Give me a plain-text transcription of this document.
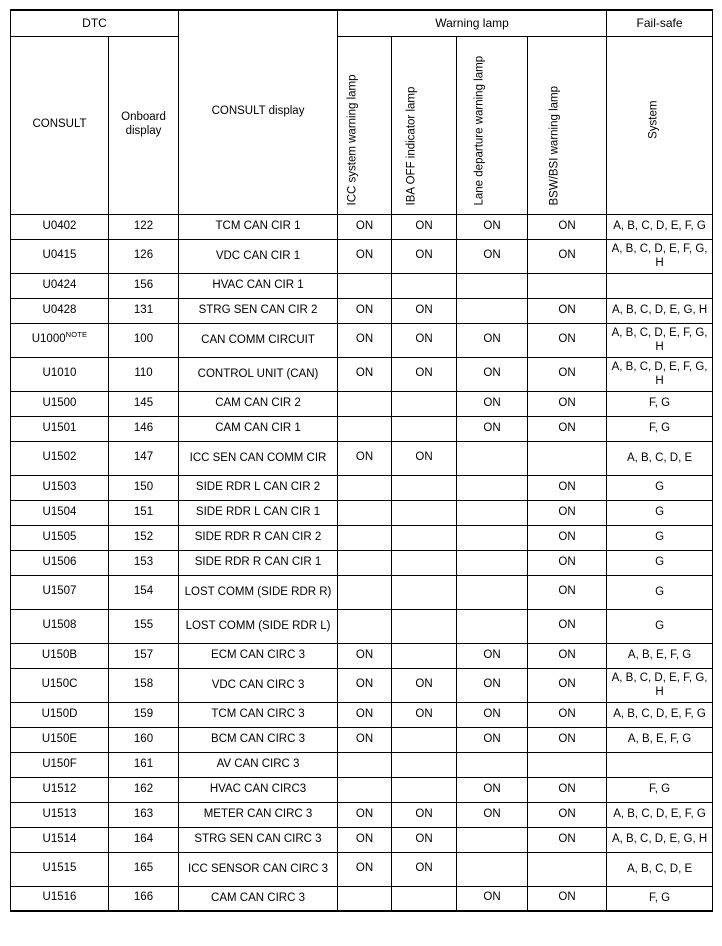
DTC		CONSULT display	Warning lamp				Fail-safe
CONSULT	Onboard
display		ICC system warning lamp	IBA OFF indicator lamp	Lane departure warning lamp	BSW/BSI warning lamp	System

U0402	122	TCM CAN CIR 1	ON	ON	ON	ON	A, B, C, D, E, F, G
U0415	126	VDC CAN CIR 1	ON	ON	ON	ON	A, B, C, D, E, F, G, H
U0424	156	HVAC CAN CIR 1					
U0428	131	STRG SEN CAN CIR 2	ON	ON		ON	A, B, C, D, E, G, H
U1000$^{NOTE}$	100	CAN COMM CIRCUIT	ON	ON	ON	ON	A, B, C, D, E, F, G, H
U1010	110	CONTROL UNIT (CAN)	ON	ON	ON	ON	A, B, C, D, E, F, G, H
U1500	145	CAM CAN CIR 2			ON	ON	F, G
U1501	146	CAM CAN CIR 1			ON	ON	F, G
U1502	147	ICC SEN CAN COMM CIR	ON	ON			A, B, C, D, E
U1503	150	SIDE RDR L CAN CIR 2				ON	G
U1504	151	SIDE RDR L CAN CIR 1				ON	G
U1505	152	SIDE RDR R CAN CIR 2				ON	G
U1506	153	SIDE RDR R CAN CIR 1				ON	G
U1507	154	LOST COMM (SIDE RDR R)				ON	G
U1508	155	LOST COMM (SIDE RDR L)				ON	G
U150B	157	ECM CAN CIRC 3	ON		ON	ON	A, B, E, F, G
U150C	158	VDC CAN CIRC 3	ON	ON	ON	ON	A, B, C, D, E, F, G, H
U150D	159	TCM CAN CIRC 3	ON	ON	ON	ON	A, B, C, D, E, F, G
U150E	160	BCM CAN CIRC 3	ON		ON	ON	A, B, E, F, G
U150F	161	AV CAN CIRC 3					
U1512	162	HVAC CAN CIRC3			ON	ON	F, G
U1513	163	METER CAN CIRC 3	ON	ON	ON	ON	A, B, C, D, E, F, G
U1514	164	STRG SEN CAN CIRC 3	ON	ON		ON	A, B, C, D, E, G, H
U1515	165	ICC SENSOR CAN CIRC 3	ON	ON			A, B, C, D, E
U1516	166	CAM CAN CIRC 3			ON	ON	F, G
